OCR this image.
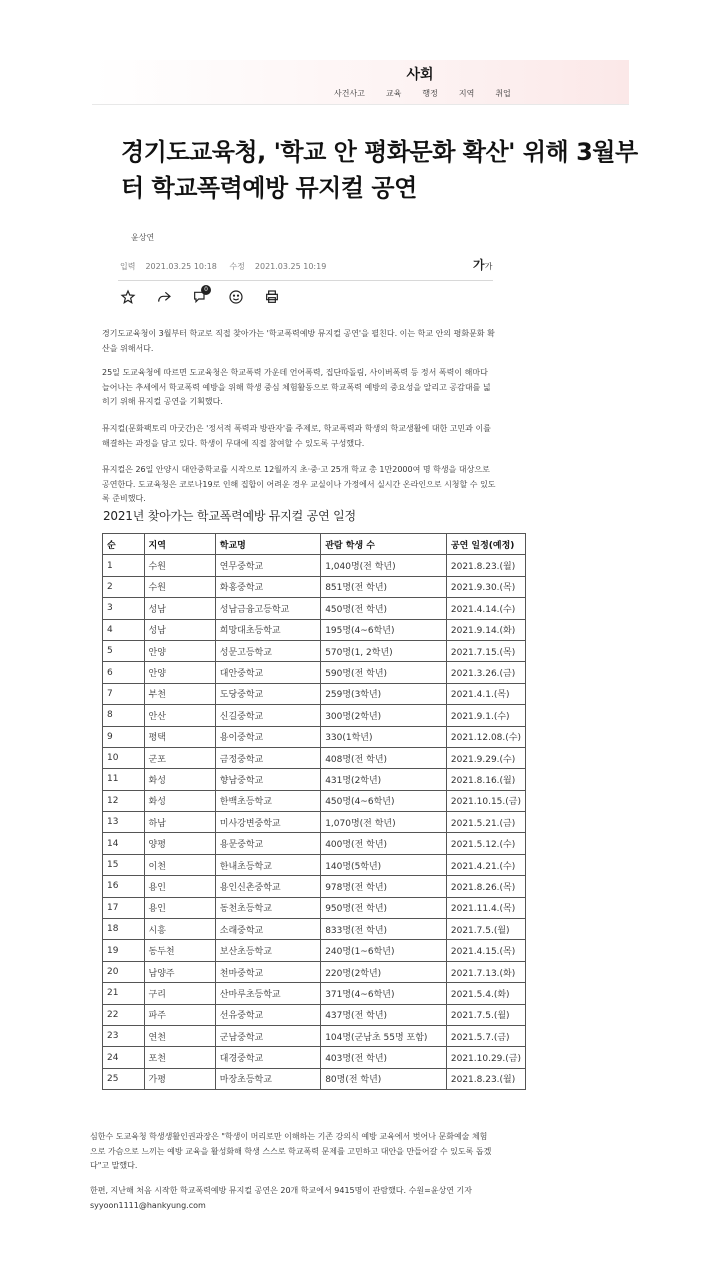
사회
사건사고	교육	행정	지역	취업
경기도교육청, '학교 안 평화문화 확산' 위해 3월부터 학교폭력예방 뮤지컬 공연
윤상연
입력 2021.03.25 10:18 수정 2021.03.25 10:19	가가
0

경기도교육청이 3월부터 학교로 직접 찾아가는 '학교폭력예방 뮤지컬 공연'을 펼친다. 이는 학교 안의 평화문화 확산을 위해서다.

25일 도교육청에 따르면 도교육청은 학교폭력 가운데 언어폭력, 집단따돌림, 사이버폭력 등 정서 폭력이 해마다 늘어나는 추세에서 학교폭력 예방을 위해 학생 중심 체험활동으로 학교폭력 예방의 중요성을 알리고 공감대를 넓히기 위해 뮤지컬 공연을 기획했다.

뮤지컬(문화팩토리 마굿간)은 '정서적 폭력과 방관자'를 주제로, 학교폭력과 학생의 학교생활에 대한 고민과 이를 해결하는 과정을 담고 있다. 학생이 무대에 직접 참여할 수 있도록 구성했다.

뮤지컬은 26일 안양시 대안중학교를 시작으로 12월까지 초·중·고 25개 학교 총 1만2000여 명 학생을 대상으로 공연한다. 도교육청은 코로나19로 인해 집합이 어려운 경우 교실이나 가정에서 실시간 온라인으로 시청할 수 있도록 준비했다.

2021년 찾아가는 학교폭력예방 뮤지컬 공연 일정
순	지역	학교명	관람 학생 수	공연 일정(예정)
1	수원	연무중학교	1,040명(전 학년)	2021.8.23.(월)
2	수원	화홍중학교	851명(전 학년)	2021.9.30.(목)
3	성남	성남금융고등학교	450명(전 학년)	2021.4.14.(수)
4	성남	희망대초등학교	195명(4~6학년)	2021.9.14.(화)
5	안양	성문고등학교	570명(1, 2학년)	2021.7.15.(목)
6	안양	대안중학교	590명(전 학년)	2021.3.26.(금)
7	부천	도당중학교	259명(3학년)	2021.4.1.(목)
8	안산	신길중학교	300명(2학년)	2021.9.1.(수)
9	평택	용이중학교	330(1학년)	2021.12.08.(수)
10	군포	금정중학교	408명(전 학년)	2021.9.29.(수)
11	화성	향남중학교	431명(2학년)	2021.8.16.(월)
12	화성	한백초등학교	450명(4~6학년)	2021.10.15.(금)
13	하남	미사강변중학교	1,070명(전 학년)	2021.5.21.(금)
14	양평	용문중학교	400명(전 학년)	2021.5.12.(수)
15	이천	한내초등학교	140명(5학년)	2021.4.21.(수)
16	용인	용인신촌중학교	978명(전 학년)	2021.8.26.(목)
17	용인	동천초등학교	950명(전 학년)	2021.11.4.(목)
18	시흥	소래중학교	833명(전 학년)	2021.7.5.(월)
19	동두천	보산초등학교	240명(1~6학년)	2021.4.15.(목)
20	남양주	천마중학교	220명(2학년)	2021.7.13.(화)
21	구리	산마루초등학교	371명(4~6학년)	2021.5.4.(화)
22	파주	선유중학교	437명(전 학년)	2021.7.5.(월)
23	연천	군남중학교	104명(군남초 55명 포함)	2021.5.7.(금)
24	포천	대경중학교	403명(전 학년)	2021.10.29.(금)
25	가평	마장초등학교	80명(전 학년)	2021.8.23.(월)

심한수 도교육청 학생생활인권과장은 "학생이 머리로만 이해하는 기존 강의식 예방 교육에서 벗어나 문화예술 체험으로 가슴으로 느끼는 예방 교육을 활성화해 학생 스스로 학교폭력 문제를 고민하고 대안을 만들어갈 수 있도록 돕겠다"고 말했다.

한편, 지난해 처음 시작한 학교폭력예방 뮤지컬 공연은 20개 학교에서 9415명이 관람했다. 수원=윤상연 기자 syyoon1111@hankyung.com
